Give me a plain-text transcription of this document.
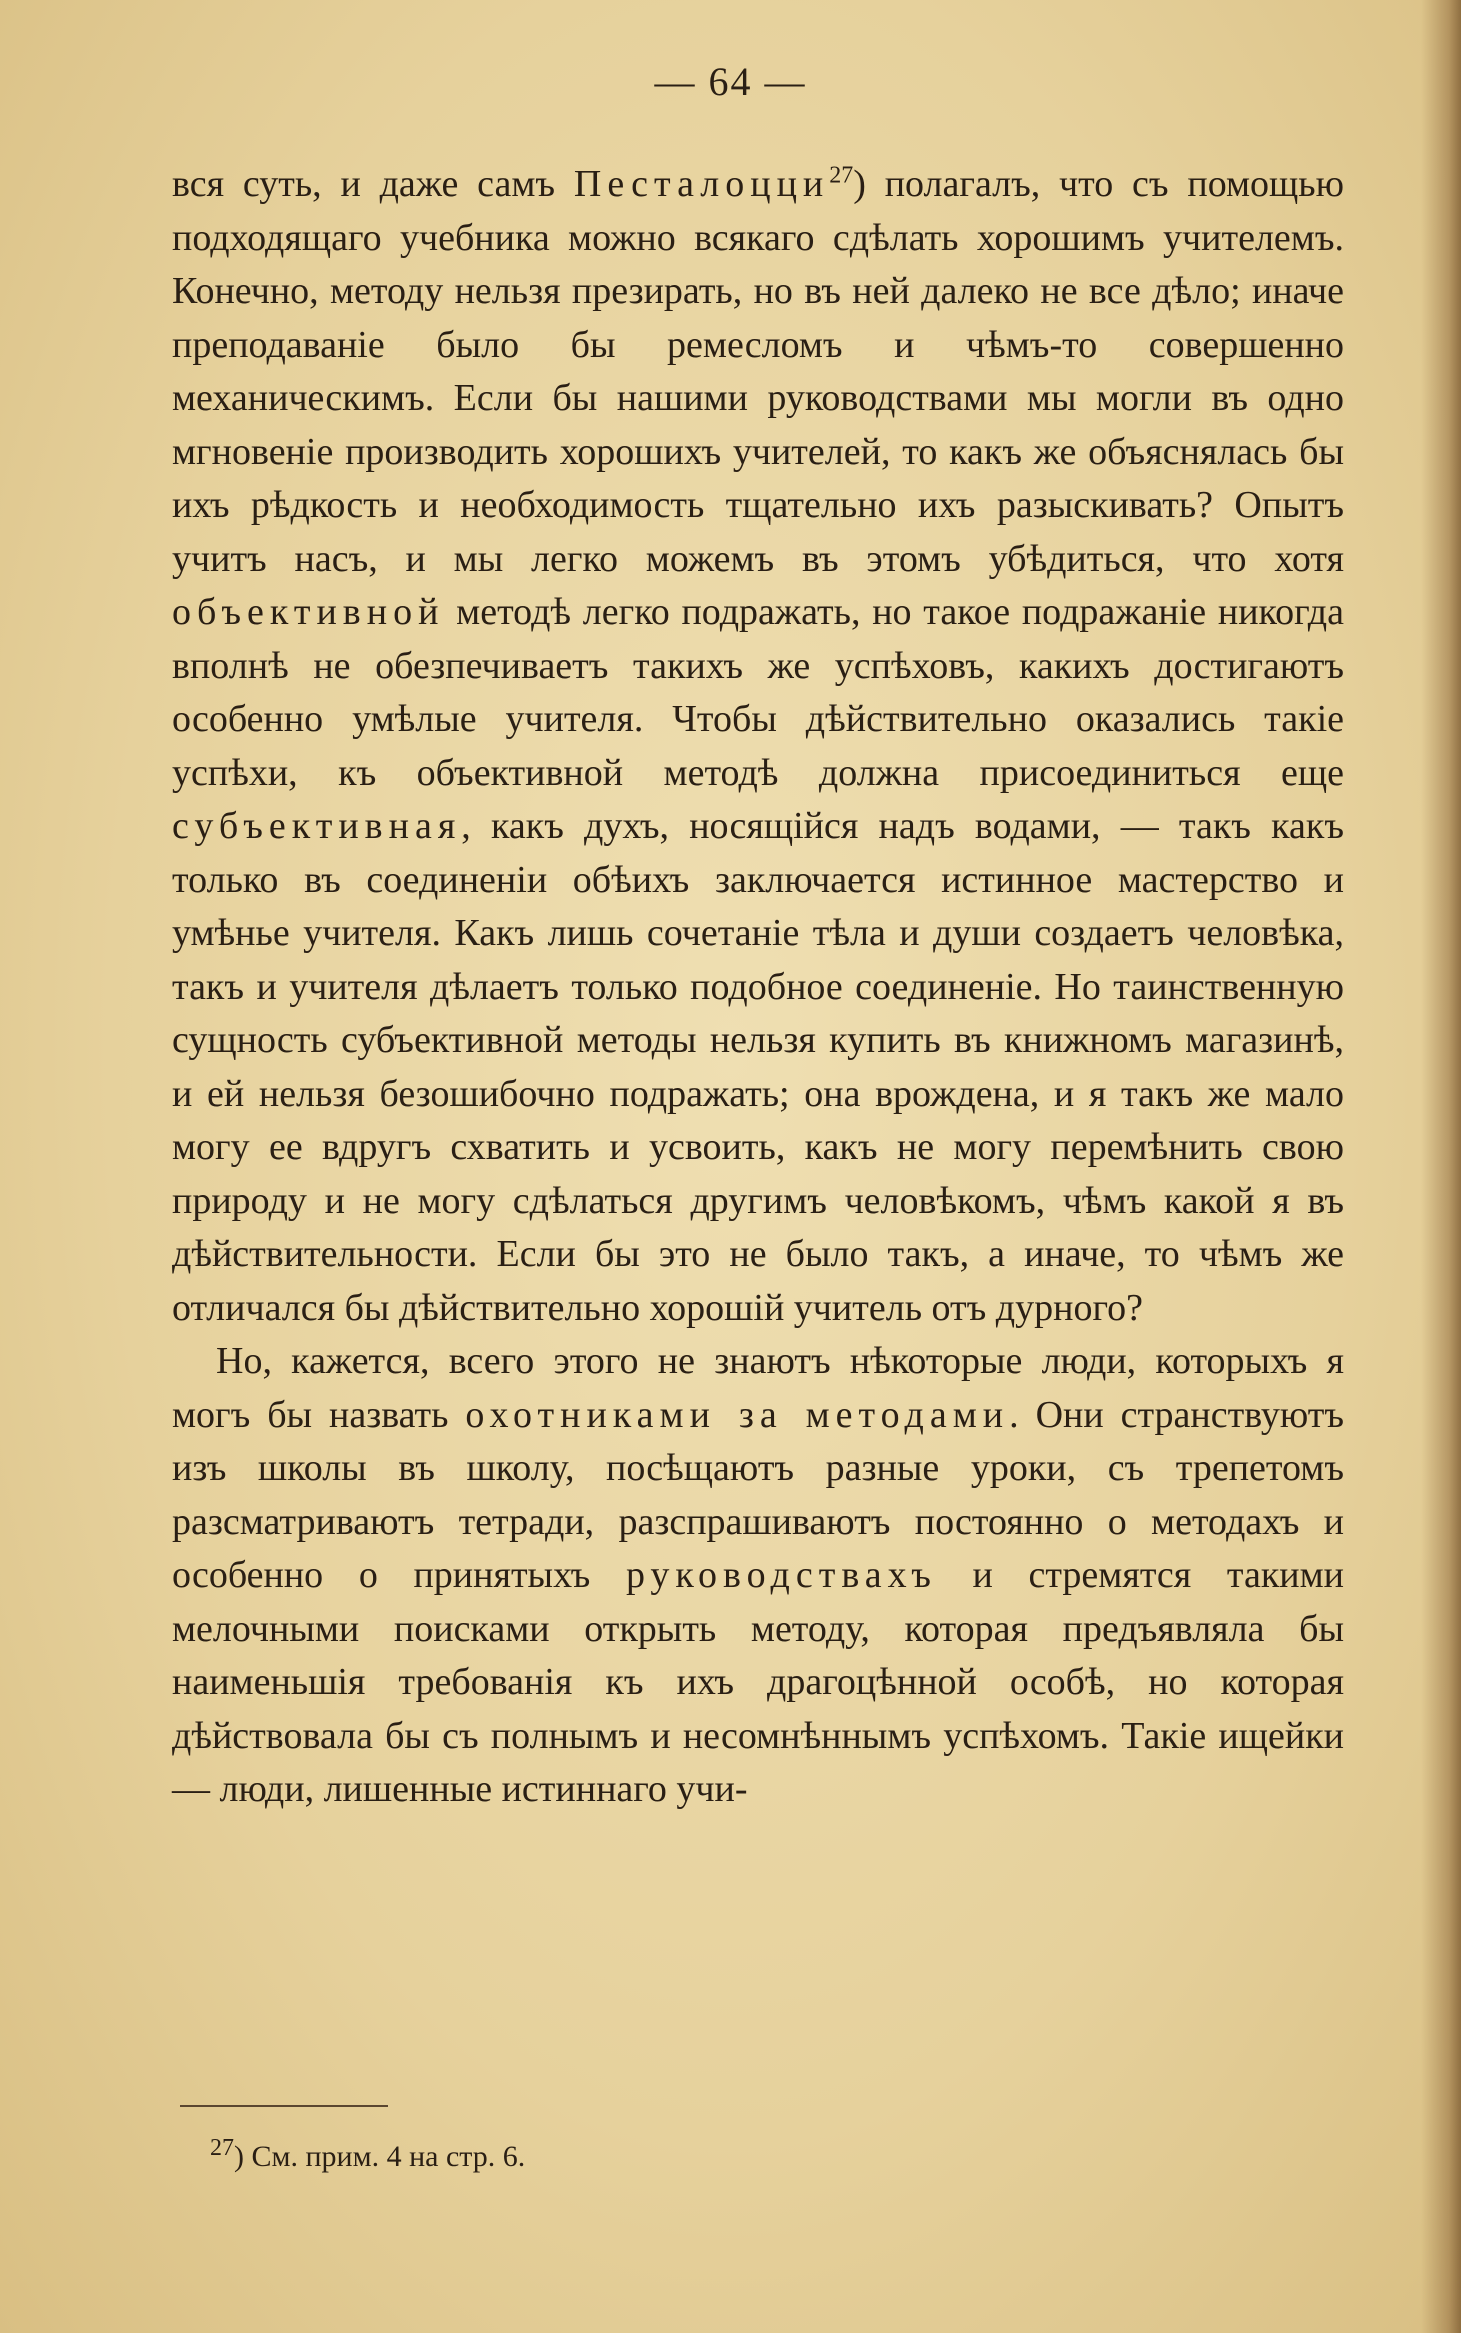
— 64 —

вся суть, и даже самъ Песталоцци$^{27}$) полагалъ, что съ помощью подходящаго учебника можно всякаго сдѣлать хорошимъ учителемъ. Конечно, методу нельзя презирать, но въ ней далеко не все дѣло; иначе преподаваніе было бы ремесломъ и чѣмъ-то совершенно механическимъ. Если бы нашими руководствами мы могли въ одно мгновеніе производить хорошихъ учителей, то какъ же объяснялась бы ихъ рѣдкость и необходимость тщательно ихъ разыскивать? Опытъ учитъ насъ, и мы легко можемъ въ этомъ убѣдиться, что хотя объективной методѣ легко подражать, но такое подражаніе никогда вполнѣ не обезпечиваетъ такихъ же успѣховъ, какихъ достигаютъ особенно умѣлые учителя. Чтобы дѣйствительно оказались такіе успѣхи, къ объективной методѣ должна присоединиться еще субъективная, какъ духъ, носящійся надъ водами, — такъ какъ только въ соединеніи обѣихъ заключается истинное мастерство и умѣнье учителя. Какъ лишь сочетаніе тѣла и души создаетъ человѣка, такъ и учителя дѣлаетъ только подобное соединеніе. Но таинственную сущность субъективной методы нельзя купить въ книжномъ магазинѣ, и ей нельзя безошибочно подражать; она врождена, и я такъ же мало могу ее вдругъ схватить и усвоить, какъ не могу перемѣнить свою природу и не могу сдѣлаться другимъ человѣкомъ, чѣмъ какой я въ дѣйствительности. Если бы это не было такъ, а иначе, то чѣмъ же отличался бы дѣйствительно хорошій учитель отъ дурного?

Но, кажется, всего этого не знаютъ нѣкоторые люди, которыхъ я могъ бы назвать охотниками за методами. Они странствуютъ изъ школы въ школу, посѣщаютъ разные уроки, съ трепетомъ разсматриваютъ тетради, разспрашиваютъ постоянно о методахъ и особенно о принятыхъ руководствахъ и стремятся такими мелочными поисками открыть методу, которая предъявляла бы наименьшія требованія къ ихъ драгоцѣнной особѣ, но которая дѣйствовала бы съ полнымъ и несомнѣннымъ успѣхомъ. Такіе ищейки — люди, лишенные истиннаго учи-

$^{27}$) См. прим. 4 на стр. 6.
